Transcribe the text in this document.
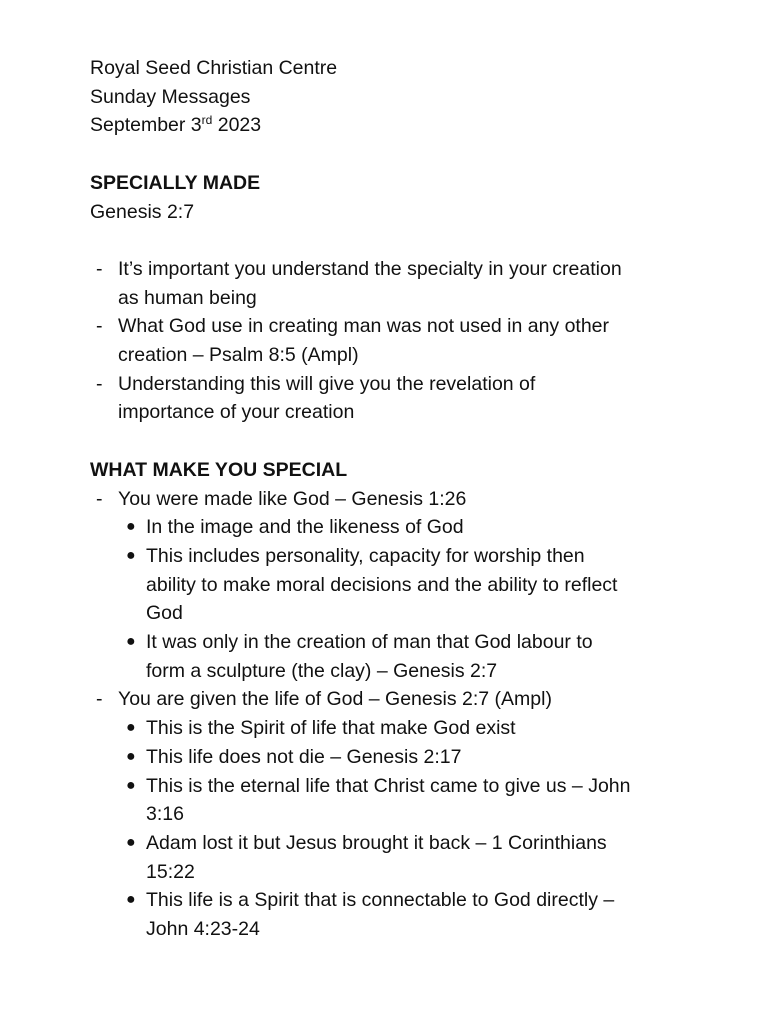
Royal Seed Christian Centre
Sunday Messages
September 3rd 2023
SPECIALLY MADE
Genesis 2:7
- It’s important you understand the specialty in your creation
as human being
- What God use in creating man was not used in any other
creation – Psalm 8:5 (Ampl)
- Understanding this will give you the revelation of
importance of your creation
WHAT MAKE YOU SPECIAL
- You were made like God – Genesis 1:26
● In the image and the likeness of God
● This includes personality, capacity for worship then
ability to make moral decisions and the ability to reflect
God
● It was only in the creation of man that God labour to
form a sculpture (the clay) – Genesis 2:7
- You are given the life of God – Genesis 2:7 (Ampl)
● This is the Spirit of life that make God exist
● This life does not die – Genesis 2:17
● This is the eternal life that Christ came to give us – John
3:16
● Adam lost it but Jesus brought it back – 1 Corinthians
15:22
● This life is a Spirit that is connectable to God directly –
John 4:23-24
